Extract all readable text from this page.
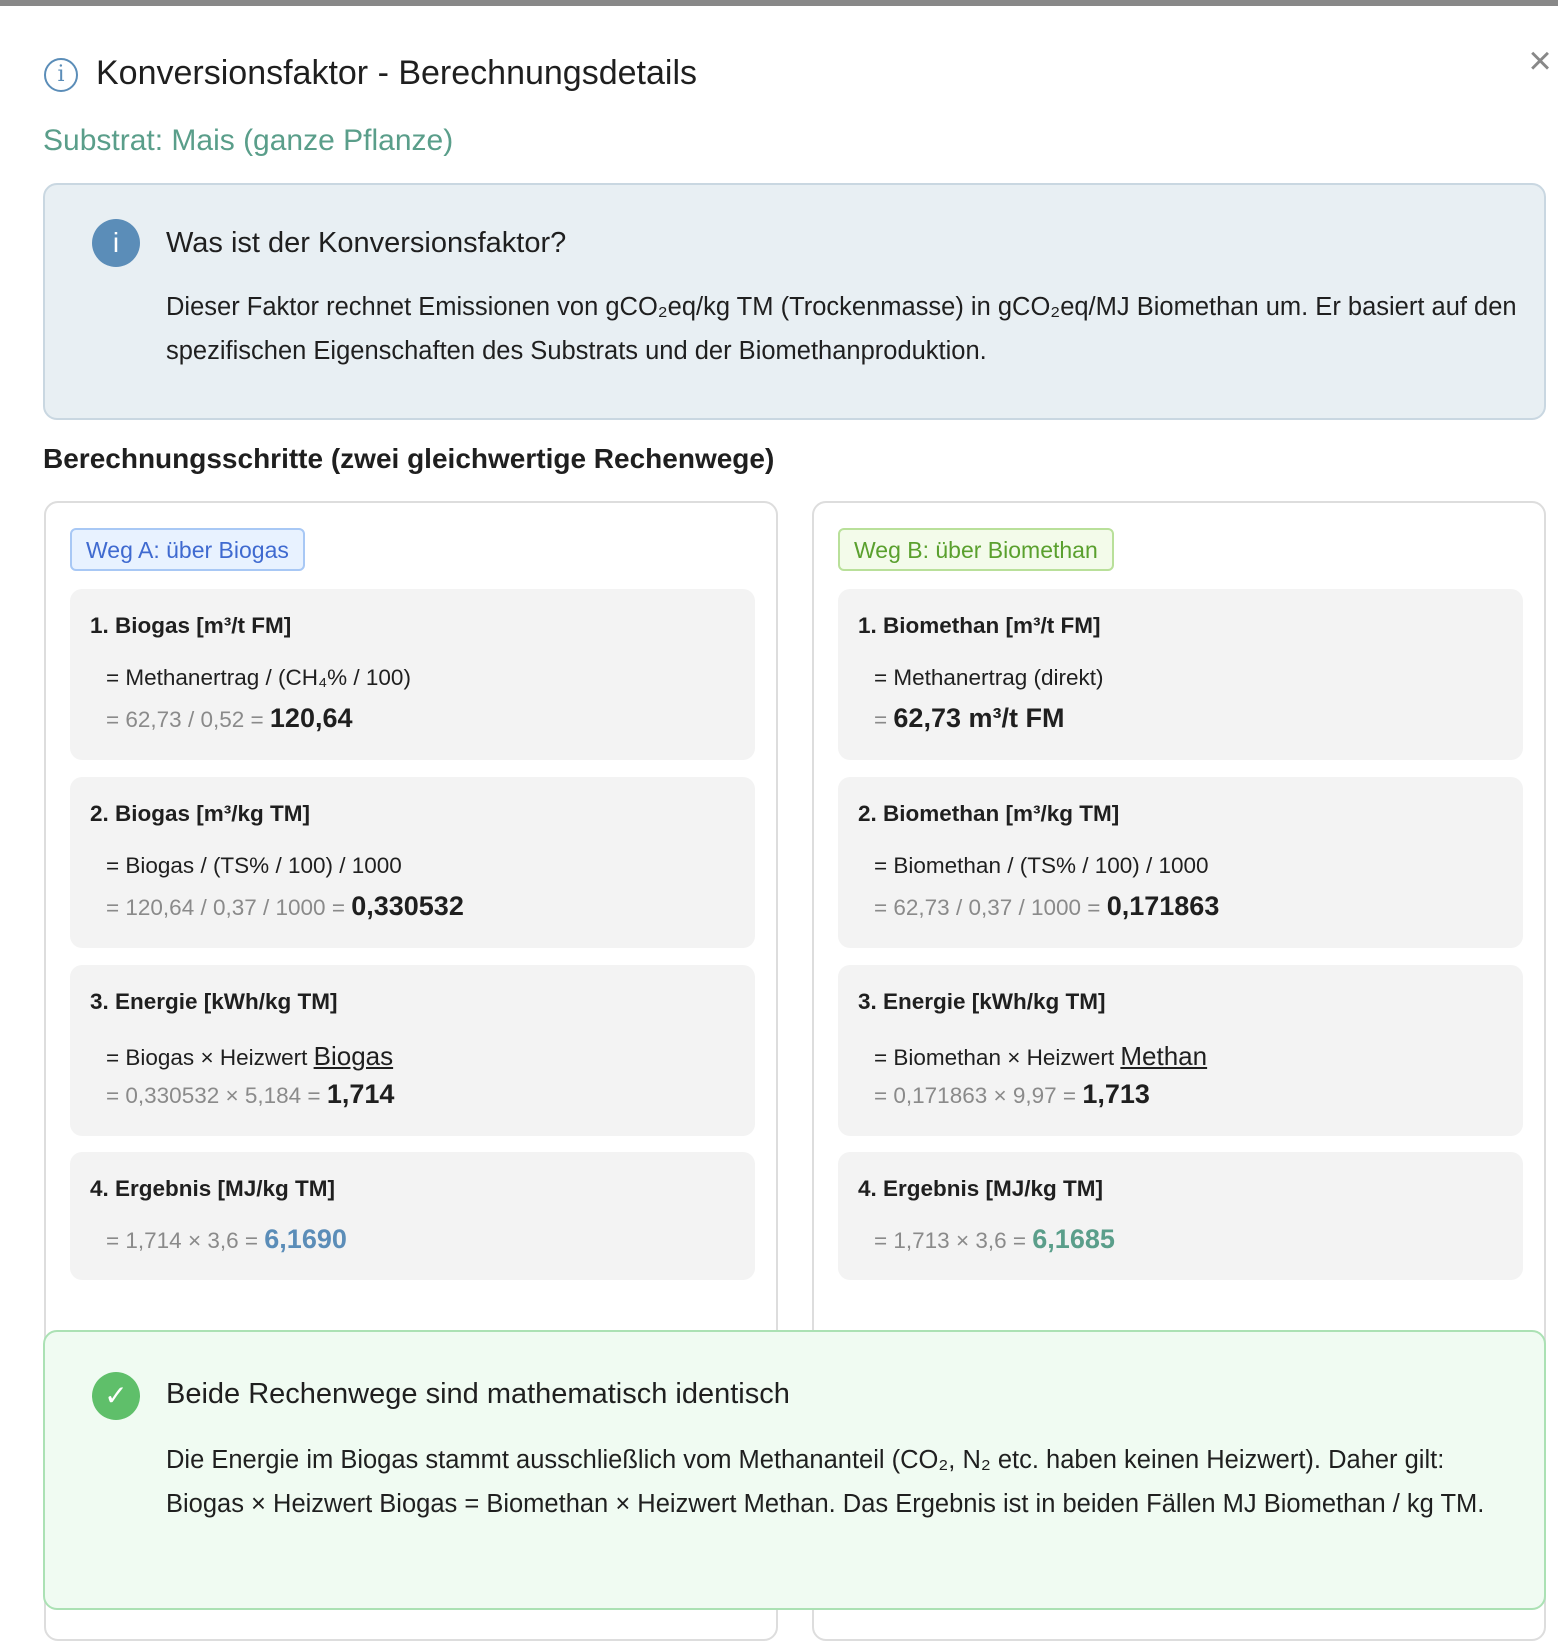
i Konversionsfaktor - Berechnungsdetails	×
Substrat: Mais (ganze Pflanze)
i	Was ist der Konversionsfaktor?
Dieser Faktor rechnet Emissionen von gCO₂eq/kg TM (Trockenmasse) in gCO₂eq/MJ Biomethan um. Er basiert auf den spezifischen Eigenschaften des Substrats und der Biomethanproduktion.
Berechnungsschritte (zwei gleichwertige Rechenwege)
Weg A: über Biogas
1. Biogas [m³/t FM]
= Methanertrag / (CH₄% / 100)
= 62,73 / 0,52 = 120,64
2. Biogas [m³/kg TM]
= Biogas / (TS% / 100) / 1000
= 120,64 / 0,37 / 1000 = 0,330532
3. Energie [kWh/kg TM]
= Biogas × Heizwert Biogas
= 0,330532 × 5,184 = 1,714
4. Ergebnis [MJ/kg TM]
= 1,714 × 3,6 = 6,1690
Weg B: über Biomethan
1. Biomethan [m³/t FM]
= Methanertrag (direkt)
= 62,73 m³/t FM
2. Biomethan [m³/kg TM]
= Biomethan / (TS% / 100) / 1000
= 62,73 / 0,37 / 1000 = 0,171863
3. Energie [kWh/kg TM]
= Biomethan × Heizwert Methan
= 0,171863 × 9,97 = 1,713
4. Ergebnis [MJ/kg TM]
= 1,713 × 3,6 = 6,1685
✓	Beide Rechenwege sind mathematisch identisch
Die Energie im Biogas stammt ausschließlich vom Methananteil (CO₂, N₂ etc. haben keinen Heizwert). Daher gilt: Biogas × Heizwert Biogas = Biomethan × Heizwert Methan. Das Ergebnis ist in beiden Fällen MJ Biomethan / kg TM.
